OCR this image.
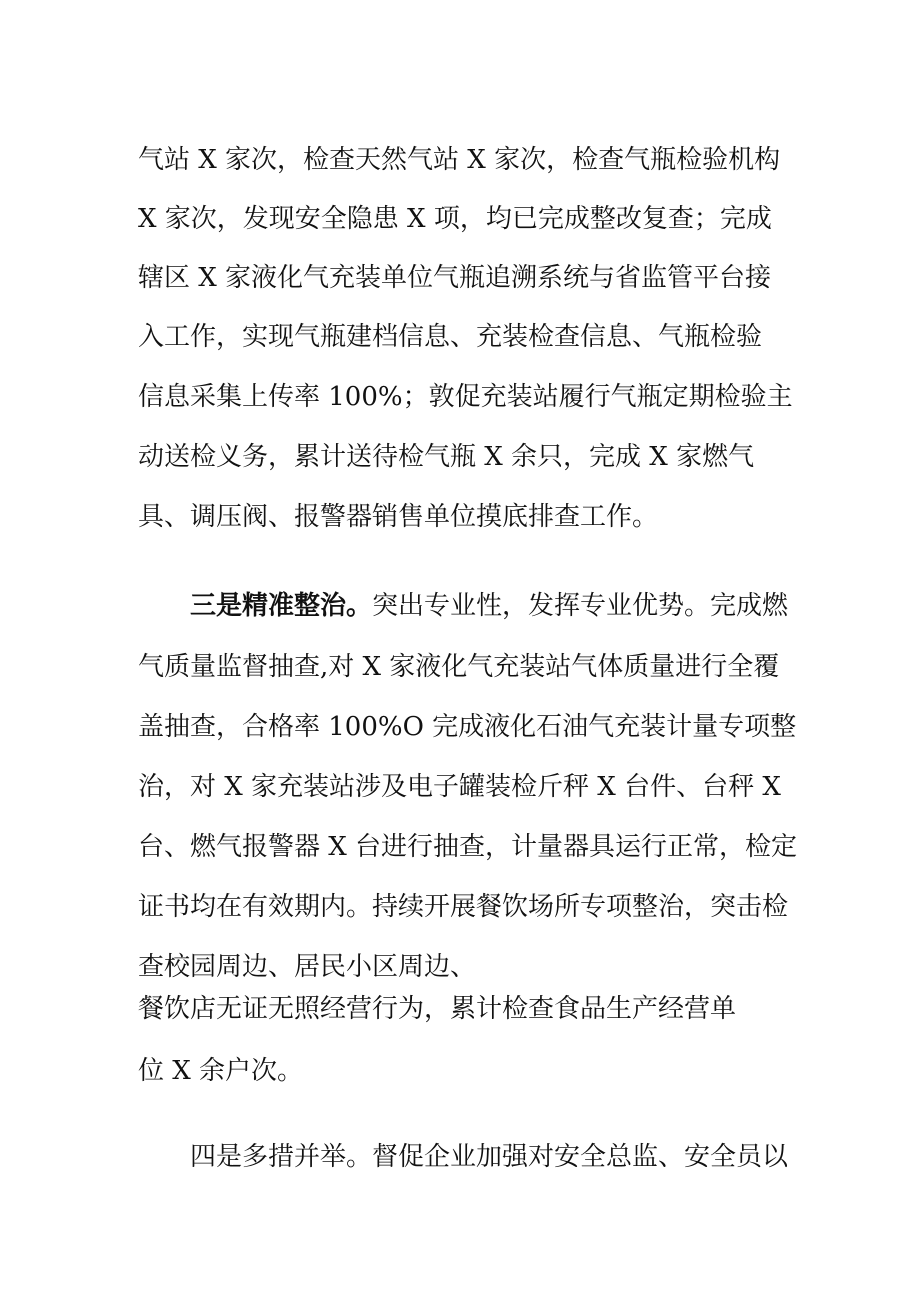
气站 X 家次，检查天然气站 X 家次，检查气瓶检验机构
X 家次，发现安全隐患 X 项，均已完成整改复查；完成
辖区 X 家液化气充装单位气瓶追溯系统与省监管平台接
入工作，实现气瓶建档信息、充装检查信息、气瓶检验
信息采集上传率 100%；敦促充装站履行气瓶定期检验主
动送检义务，累计送待检气瓶 X 余只，完成 X 家燃气
具、调压阀、报警器销售单位摸底排查工作。
三是精准整治。突出专业性，发挥专业优势。完成燃
气质量监督抽查,对 X 家液化气充装站气体质量进行全覆
盖抽查，合格率 100%O 完成液化石油气充装计量专项整
治，对 X 家充装站涉及电子罐装检斤秤 X 台件、台秤 X
台、燃气报警器 X 台进行抽查，计量器具运行正常，检定
证书均在有效期内。持续开展餐饮场所专项整治，突击检
查校园周边、居民小区周边、
餐饮店无证无照经营行为，累计检查食品生产经营单
位 X 余户次。
四是多措并举。督促企业加强对安全总监、安全员以
